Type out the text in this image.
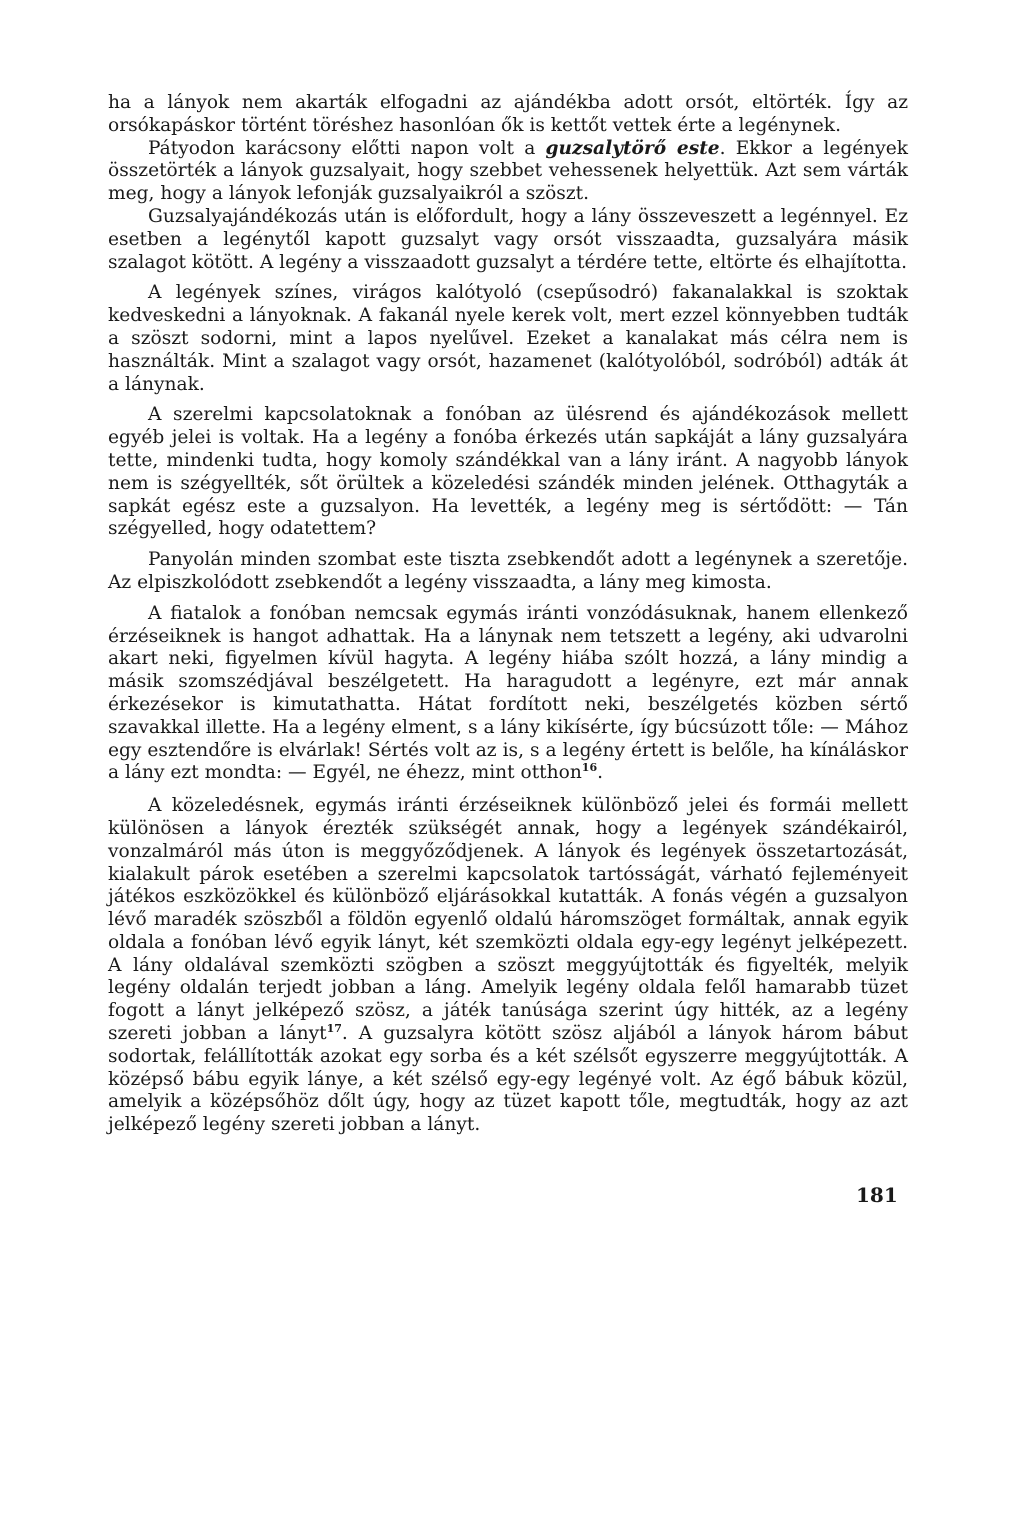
ha a lányok nem akarták elfogadni az ajándékba adott orsót, eltörték. Így az orsókapáskor történt töréshez hasonlóan ők is kettőt vettek érte a legénynek.

Pátyodon karácsony előtti napon volt a guzsalytörő este. Ekkor a legények összetörték a lányok guzsalyait, hogy szebbet vehessenek helyettük. Azt sem várták meg, hogy a lányok lefonják guzsalyaikról a szöszt.

Guzsalyajándékozás után is előfordult, hogy a lány összeveszett a legénnyel. Ez esetben a legénytől kapott guzsalyt vagy orsót visszaadta, guzsalyára másik szalagot kötött. A legény a visszaadott guzsalyt a térdére tette, eltörte és elhajította.

A legények színes, virágos kalótyoló (csepűsodró) fakanalakkal is szoktak kedveskedni a lányoknak. A fakanál nyele kerek volt, mert ezzel könnyebben tudták a szöszt sodorni, mint a lapos nyelűvel. Ezeket a kanalakat más célra nem is használták. Mint a szalagot vagy orsót, hazamenet (kalótyolóból, sodróból) adták át a lánynak.

A szerelmi kapcsolatoknak a fonóban az ülésrend és ajándékozások mellett egyéb jelei is voltak. Ha a legény a fonóba érkezés után sapkáját a lány guzsalyára tette, mindenki tudta, hogy komoly szándékkal van a lány iránt. A nagyobb lányok nem is szégyellték, sőt örültek a közeledési szándék minden jelének. Otthagyták a sapkát egész este a guzsalyon. Ha levették, a legény meg is sértődött: — Tán szégyelled, hogy odatettem?

Panyolán minden szombat este tiszta zsebkendőt adott a legénynek a szeretője. Az elpiszkolódott zsebkendőt a legény visszaadta, a lány meg kimosta.

A fiatalok a fonóban nemcsak egymás iránti vonzódásuknak, hanem ellenkező érzéseiknek is hangot adhattak. Ha a lánynak nem tetszett a legény, aki udvarolni akart neki, figyelmen kívül hagyta. A legény hiába szólt hozzá, a lány mindig a másik szomszédjával beszélgetett. Ha haragudott a legényre, ezt már annak érkezésekor is kimutathatta. Hátat fordított neki, beszélgetés közben sértő szavakkal illette. Ha a legény elment, s a lány kikísérte, így búcsúzott tőle: — Mához egy esztendőre is elvárlak! Sértés volt az is, s a legény értett is belőle, ha kínáláskor a lány ezt mondta: — Egyél, ne éhezz, mint otthon$^{16}$.

A közeledésnek, egymás iránti érzéseiknek különböző jelei és formái mellett különösen a lányok érezték szükségét annak, hogy a legények szándékairól, vonzalmáról más úton is meggyőződjenek. A lányok és legények összetartozását, kialakult párok esetében a szerelmi kapcsolatok tartósságát, várható fejleményeit játékos eszközökkel és különböző eljárásokkal kutatták. A fonás végén a guzsalyon lévő maradék szöszből a földön egyenlő oldalú háromszöget formáltak, annak egyik oldala a fonóban lévő egyik lányt, két szemközti oldala egy-egy legényt jelképezett. A lány oldalával szemközti szögben a szöszt meggyújtották és figyelték, melyik legény oldalán terjedt jobban a láng. Amelyik legény oldala felől hamarabb tüzet fogott a lányt jelképező szösz, a játék tanúsága szerint úgy hitték, az a legény szereti jobban a lányt$^{17}$. A guzsalyra kötött szösz aljából a lányok három bábut sodortak, felállították azokat egy sorba és a két szélsőt egyszerre meggyújtották. A középső bábu egyik lánye, a két szélső egy-egy legényé volt. Az égő bábuk közül, amelyik a középsőhöz dőlt úgy, hogy az tüzet kapott tőle, megtudták, hogy az azt jelképező legény szereti jobban a lányt.

181
